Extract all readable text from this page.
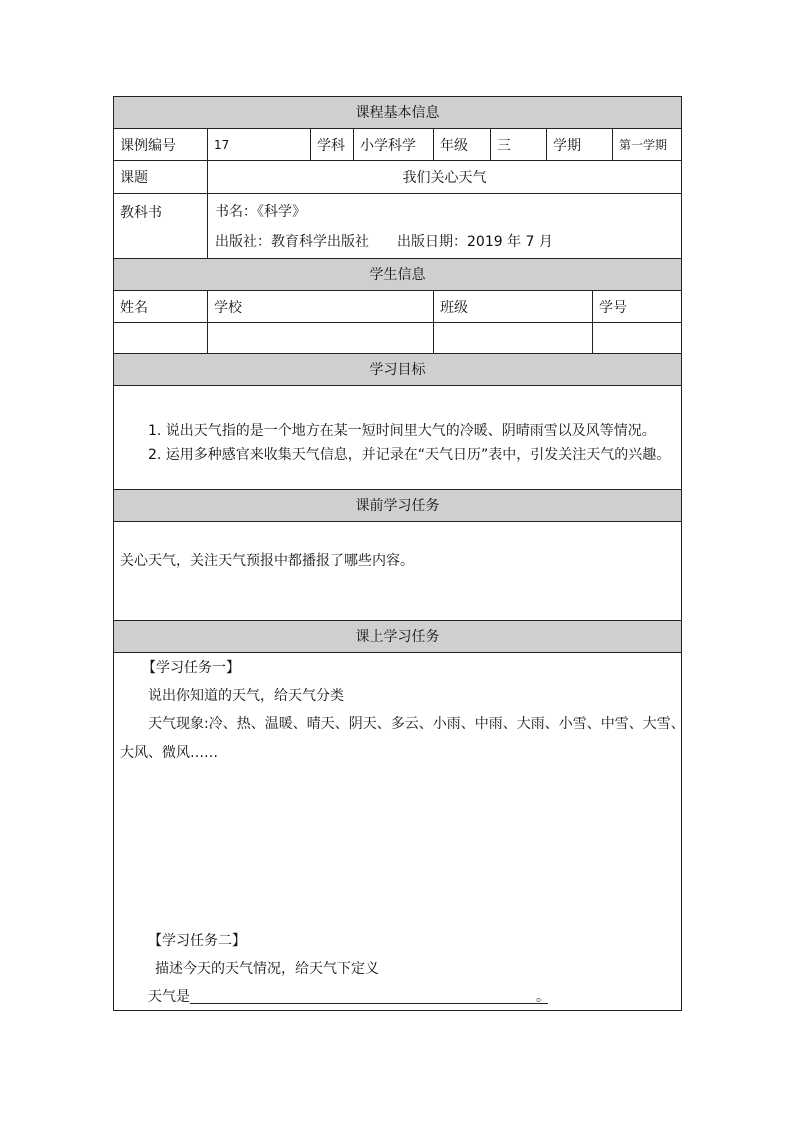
课程基本信息
课例编号	17	学科	小学科学	年级	三	学期	第一学期
课题	我们关心天气
教科书	书名：《科学》
出版社：教育科学出版社 出版日期：2019 年 7 月
学生信息
姓名	学校	班级	学号
学习目标
1. 说出天气指的是一个地方在某一短时间里大气的冷暖、阴晴雨雪以及风等情况。
2. 运用多种感官来收集天气信息，并记录在“天气日历”表中，引发关注天气的兴趣。
课前学习任务
关心天气，关注天气预报中都播报了哪些内容。
课上学习任务
【学习任务一】
说出你知道的天气，给天气分类
天气现象:冷、热、温暖、晴天、阴天、多云、小雨、中雨、大雨、小雪、中雪、大雪、
大风、微风……
【学习任务二】
描述今天的天气情况，给天气下定义
天气是	。
